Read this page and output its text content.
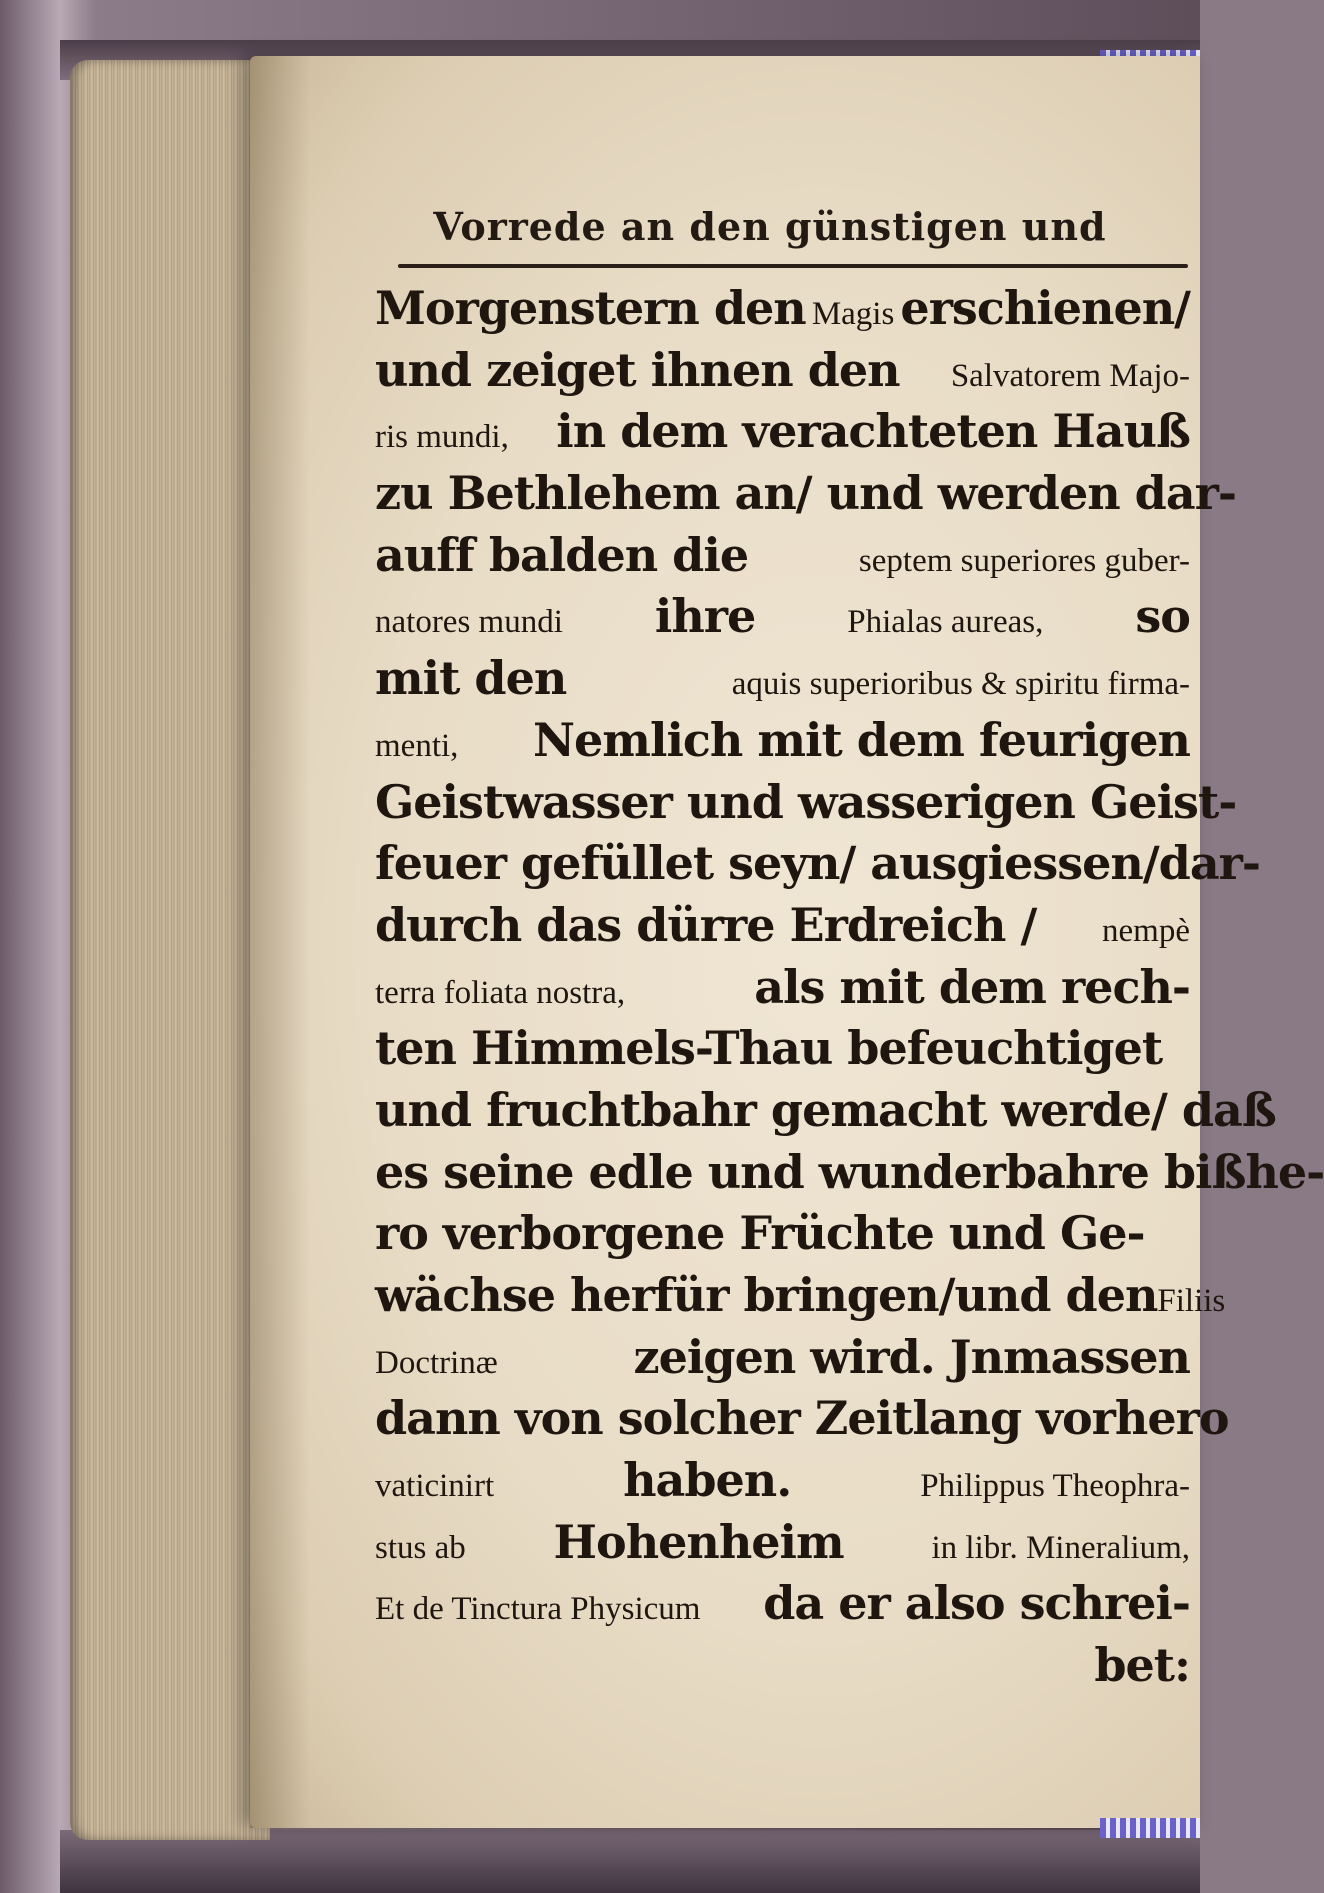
Vorrede an den günstigen und
Morgenstern den Magis erschienen/
und zeiget ihnen den Salvatorem Majo-
ris mundi, in dem verachteten Hauß
zu Bethlehem an/ und werden dar-
auff balden die	septem superiores guber-
natores mundi ihre	Phialas aureas, so
mit den	aquis superioribus & spiritu firma-
menti, Nemlich mit dem feurigen
Geistwasser und wasserigen Geist-
feuer gefüllet seyn/ ausgiessen/dar-
durch das dürre Erdreich / nempè
terra foliata nostra,	als mit dem rech-
ten Himmels-Thau befeuchtiget
und fruchtbahr gemacht werde/ daß
es seine edle und wunderbahre bißhe-
ro verborgene Früchte und Ge-
wächse herfür bringen/und den Filiis
Doctrinæ	zeigen wird. Jnmassen
dann von solcher Zeitlang vorhero
vaticinirt	haben.	Philippus Theophra-
stus ab Hohenheim	in libr. Mineralium,
Et de Tinctura Physicum da er also schrei-
bet:
